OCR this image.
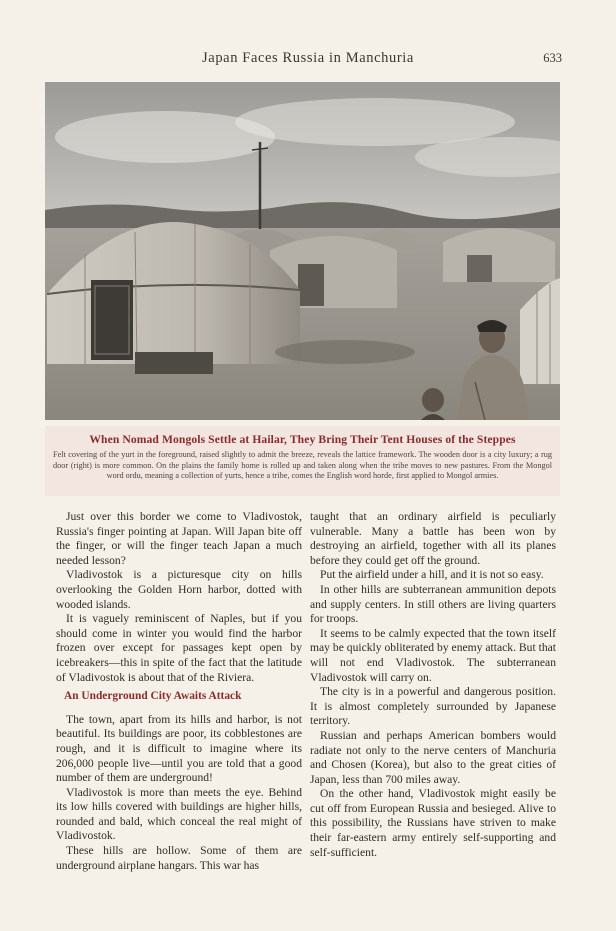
Japan Faces Russia in Manchuria	633
When Nomad Mongols Settle at Hailar, They Bring Their Tent Houses of the Steppes
Felt covering of the yurt in the foreground, raised slightly to admit the breeze, reveals the lattice framework. The wooden door is a city luxury; a rug door (right) is more common. On the plains the family home is rolled up and taken along when the tribe moves to new pastures. From the Mongol word ordu, meaning a collection of yurts, hence a tribe, comes the English word horde, first applied to Mongol armies.

Just over this border we come to Vladivostok, Russia's finger pointing at Japan. Will Japan bite off the finger, or will the finger teach Japan a much needed lesson?

Vladivostok is a picturesque city on hills overlooking the Golden Horn harbor, dotted with wooded islands.

It is vaguely reminiscent of Naples, but if you should come in winter you would find the harbor frozen over except for passages kept open by icebreakers—this in spite of the fact that the latitude of Vladivostok is about that of the Riviera.

An Underground City Awaits Attack

The town, apart from its hills and harbor, is not beautiful. Its buildings are poor, its cobblestones are rough, and it is difficult to imagine where its 206,000 people live—until you are told that a good number of them are underground!

Vladivostok is more than meets the eye. Behind its low hills covered with buildings are higher hills, rounded and bald, which conceal the real might of Vladivostok.

These hills are hollow. Some of them are underground airplane hangars. This war has

taught that an ordinary airfield is peculiarly vulnerable. Many a battle has been won by destroying an airfield, together with all its planes before they could get off the ground.

Put the airfield under a hill, and it is not so easy.

In other hills are subterranean ammunition depots and supply centers. In still others are living quarters for troops.

It seems to be calmly expected that the town itself may be quickly obliterated by enemy attack. But that will not end Vladivostok. The subterranean Vladivostok will carry on.

The city is in a powerful and dangerous position. It is almost completely surrounded by Japanese territory.

Russian and perhaps American bombers would radiate not only to the nerve centers of Manchuria and Chosen (Korea), but also to the great cities of Japan, less than 700 miles away.

On the other hand, Vladivostok might easily be cut off from European Russia and besieged. Alive to this possibility, the Russians have striven to make their far-eastern army entirely self-supporting and self-sufficient.
